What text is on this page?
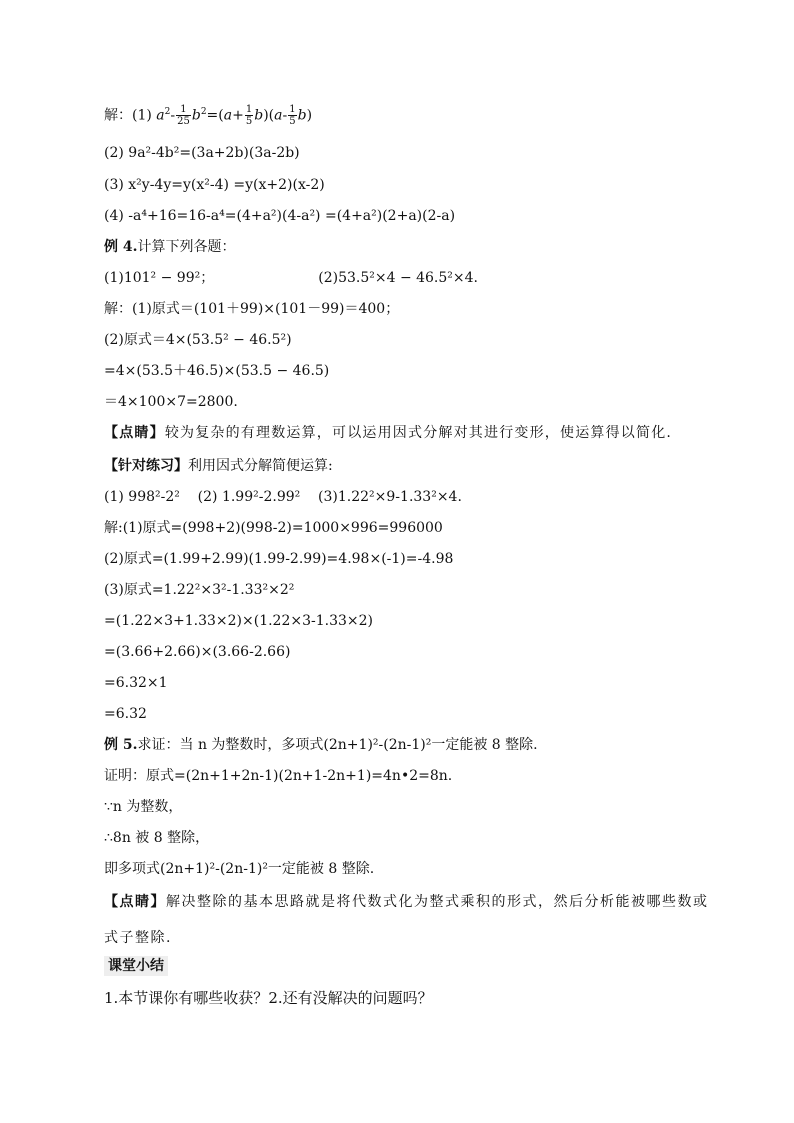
解：(1) $a^2- \frac{1}{25} b^2=(a+ \frac{1}{5} b)(a- \frac{1}{5} b)$
(2) 9a²-4b²=(3a+2b)(3a-2b)
(3) x²y-4y=y(x²-4) =y(x+2)(x-2)
(4) -a⁴+16=16-a⁴=(4+a²)(4-a²) =(4+a²)(2+a)(2-a)
例 4.计算下列各题：
(1)101² − 99²；	(2)53.5²×4 − 46.5²×4.
解：(1)原式＝(101＋99)×(101－99)＝400；
(2)原式＝4×(53.5² − 46.5²)
=4×(53.5＋46.5)×(53.5 − 46.5)
＝4×100×7=2800.
【点睛】较为复杂的有理数运算，可以运用因式分解对其进行变形，使运算得以简化.
【针对练习】利用因式分解简便运算:
(1) 998²-2²    (2) 1.99²-2.99²    (3)1.22²×9-1.33²×4.
解:(1)原式=(998+2)(998-2)=1000×996=996000
(2)原式=(1.99+2.99)(1.99-2.99)=4.98×(-1)=-4.98
(3)原式=1.22²×3²-1.33²×2²
=(1.22×3+1.33×2)×(1.22×3-1.33×2)
=(3.66+2.66)×(3.66-2.66)
=6.32×1
=6.32
例 5.求证：当 n 为整数时，多项式(2n+1)²-(2n-1)²一定能被 8 整除.
证明：原式=(2n+1+2n-1)(2n+1-2n+1)=4n•2=8n.
∵n 为整数，
∴8n 被 8 整除，
即多项式(2n+1)²-(2n-1)²一定能被 8 整除.
【点睛】解决整除的基本思路就是将代数式化为整式乘积的形式，然后分析能被哪些数或式子整除.
课堂小结
1.本节课你有哪些收获？2.还有没解决的问题吗？
